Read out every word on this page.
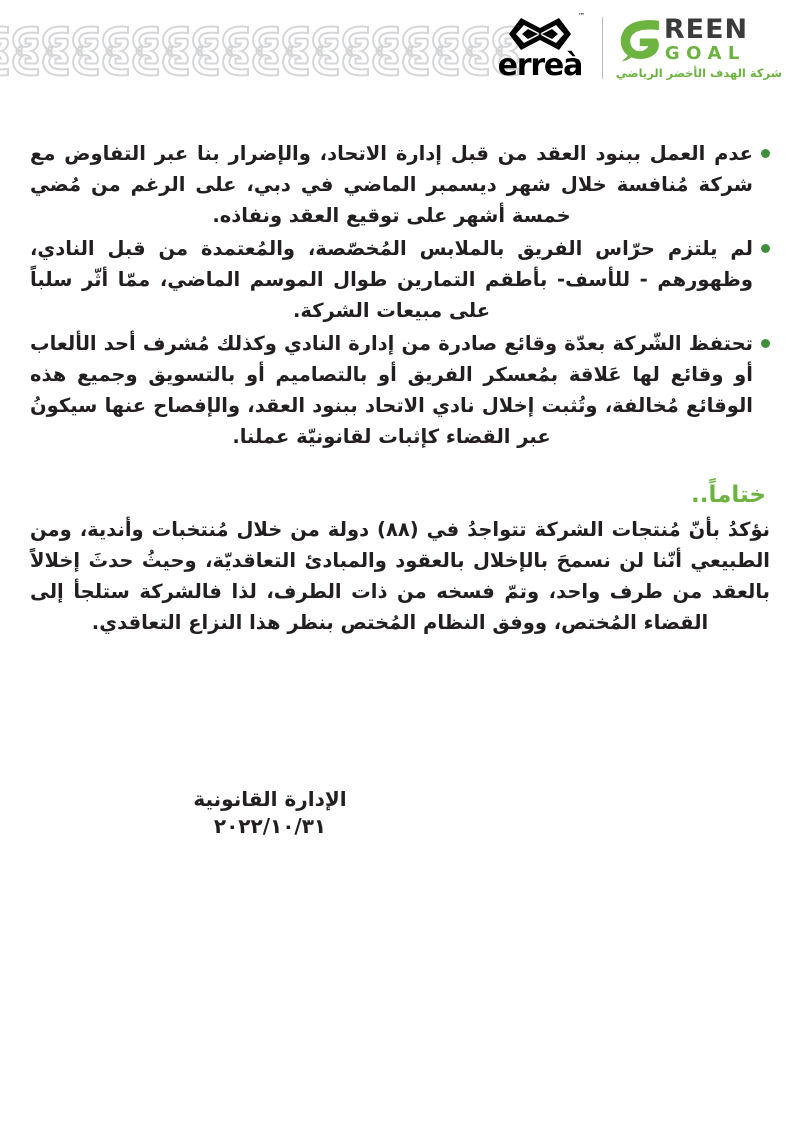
™
erreà
REEN
GOAL
شركة الهدف الأخضر الرياضي
عدم العمل ببنود العقد من قبل إدارة الاتحاد، والإضرار بنا عبر التفاوض مع شركة مُنافسة خلال شهر ديسمبر الماضي في دبي، على الرغم من مُضي خمسة أشهر على توقيع العقد ونفاذه.
لم يلتزم حرّاس الفريق بالملابس المُخصّصة، والمُعتمدة من قبل النادي، وظهورهم - للأسف- بأطقم التمارين طوال الموسم الماضي، ممّا أثّر سلباً على مبيعات الشركة.
تحتفظ الشّركة بعدّة وقائع صادرة من إدارة النادي وكذلك مُشرف أحد الألعاب أو وقائع لها عَلاقة بمُعسكر الفريق أو بالتصاميم أو بالتسويق وجميع هذه الوقائع مُخالفة، وتُثبت إخلال نادي الاتحاد ببنود العقد، والإفصاح عنها سيكونُ عبر القضاء كإثبات لقانونيّة عملنا.
ختاماً..

نؤكدُ بأنّ مُنتجات الشركة تتواجدُ في (٨٨) دولة من خلال مُنتخبات وأندية، ومن الطبيعي أنّنا لن نسمحَ بالإخلال بالعقود والمبادئ التعاقديّة، وحيثُ حدثَ إخلالاً بالعقد من طرف واحد، وتمّ فسخه من ذات الطرف، لذا فالشركة ستلجأ إلى القضاء المُختص، ووفق النظام المُختص بنظر هذا النزاع التعاقدي.

الإدارة القانونية
٢٠٢٢/١٠/٣١
